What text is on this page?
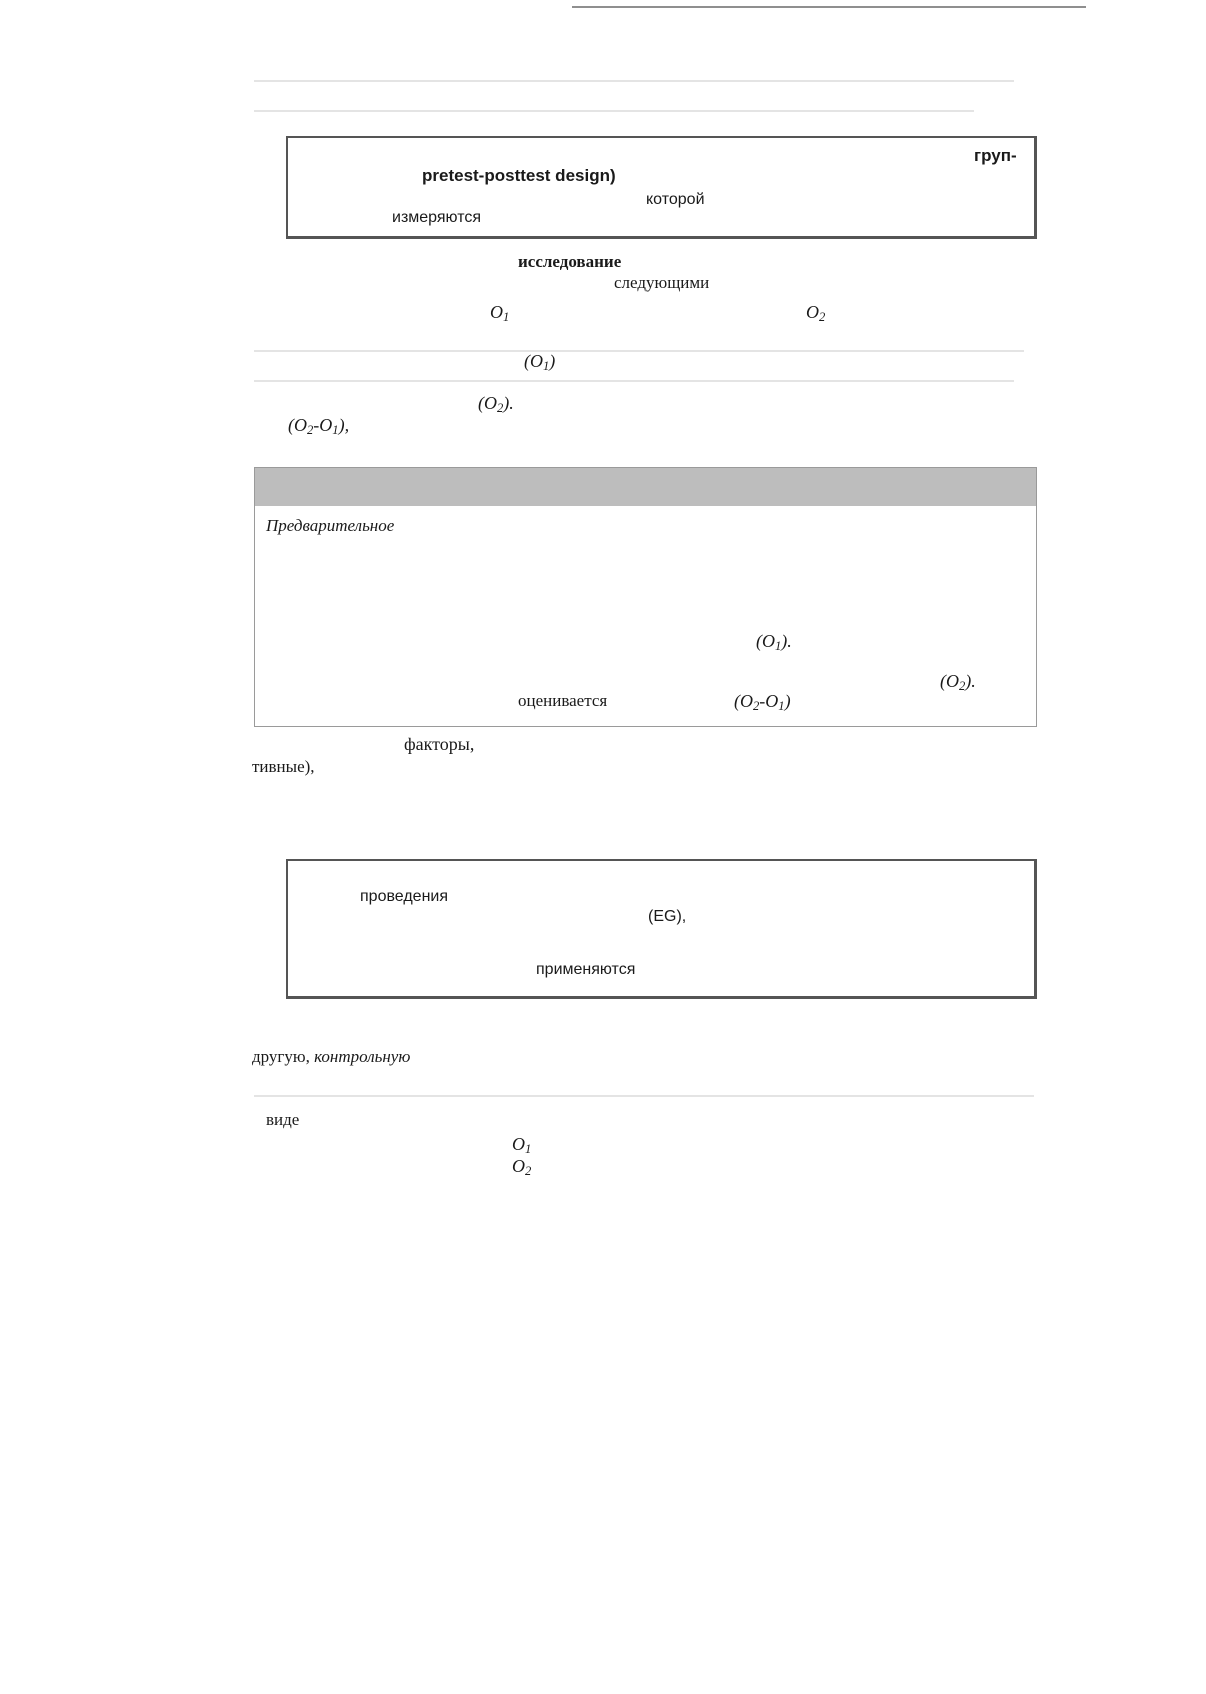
груп-
pretest-posttest design)
которой
измеряются
исследование
следующими
$O_1$	$O_2$
$(O_1)$
$(O_2)$.
$(O_2-O_1)$,
Предварительное
$(O_1)$.
$(O_2)$.
оценивается	$(O_2-O_1)$
факторы,
тивные),
проведения
(EG),
применяются
другую, контрольную
виде
$O_1$
$O_2$
